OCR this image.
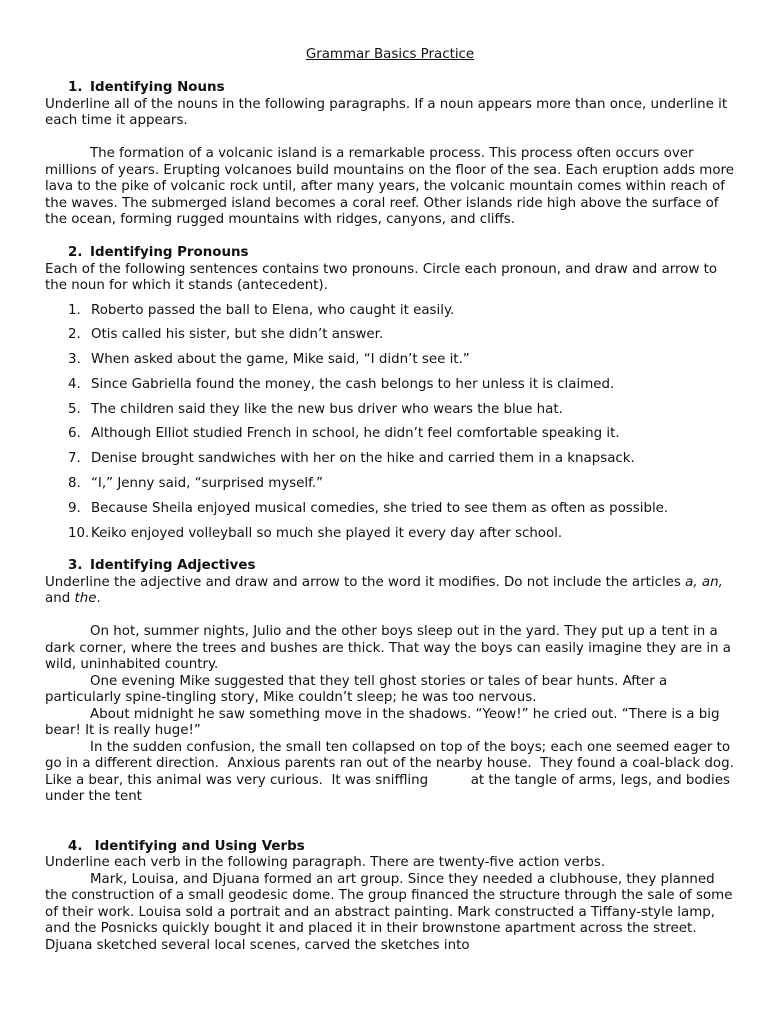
Grammar Basics Practice
1. Identifying Nouns
Underline all of the nouns in the following paragraphs. If a noun appears more than once, underline it each time it appears.

The formation of a volcanic island is a remarkable process. This process often occurs over millions of years. Erupting volcanoes build mountains on the floor of the sea. Each eruption adds more lava to the pike of volcanic rock until, after many years, the volcanic mountain comes within reach of the waves. The submerged island becomes a coral reef. Other islands ride high above the surface of the ocean, forming rugged mountains with ridges, canyons, and cliffs.

2. Identifying Pronouns
Each of the following sentences contains two pronouns. Circle each pronoun, and draw and arrow to the noun for which it stands (antecedent).
1. Roberto passed the ball to Elena, who caught it easily.
2. Otis called his sister, but she didn’t answer.
3. When asked about the game, Mike said, “I didn’t see it.”
4. Since Gabriella found the money, the cash belongs to her unless it is claimed.
5. The children said they like the new bus driver who wears the blue hat.
6. Although Elliot studied French in school, he didn’t feel comfortable speaking it.
7. Denise brought sandwiches with her on the hike and carried them in a knapsack.
8. “I,” Jenny said, “surprised myself.”
9. Because Sheila enjoyed musical comedies, she tried to see them as often as possible.
10. Keiko enjoyed volleyball so much she played it every day after school.
3. Identifying Adjectives
Underline the adjective and draw and arrow to the word it modifies. Do not include the articles a, an, and the.

On hot, summer nights, Julio and the other boys sleep out in the yard. They put up a tent in a dark corner, where the trees and bushes are thick. That way the boys can easily imagine they are in a wild, uninhabited country.

One evening Mike suggested that they tell ghost stories or tales of bear hunts. After a particularly spine-tingling story, Mike couldn’t sleep; he was too nervous.

About midnight he saw something move in the shadows. “Yeow!” he cried out. “There is a big bear! It is really huge!”

In the sudden confusion, the small ten collapsed on top of the boys; each one seemed eager to go in a different direction.  Anxious parents ran out of the nearby house.  They found a coal-black dog.  Like a bear, this animal was very curious.  It was sniffling          at the tangle of arms, legs, and bodies under the tent

4. Identifying and Using Verbs
Underline each verb in the following paragraph. There are twenty-five action verbs.

Mark, Louisa, and Djuana formed an art group. Since they needed a clubhouse, they planned the construction of a small geodesic dome. The group financed the structure through the sale of some of their work. Louisa sold a portrait and an abstract painting. Mark constructed a Tiffany-style lamp, and the Posnicks quickly bought it and placed it in their brownstone apartment across the street. Djuana sketched several local scenes, carved the sketches into
